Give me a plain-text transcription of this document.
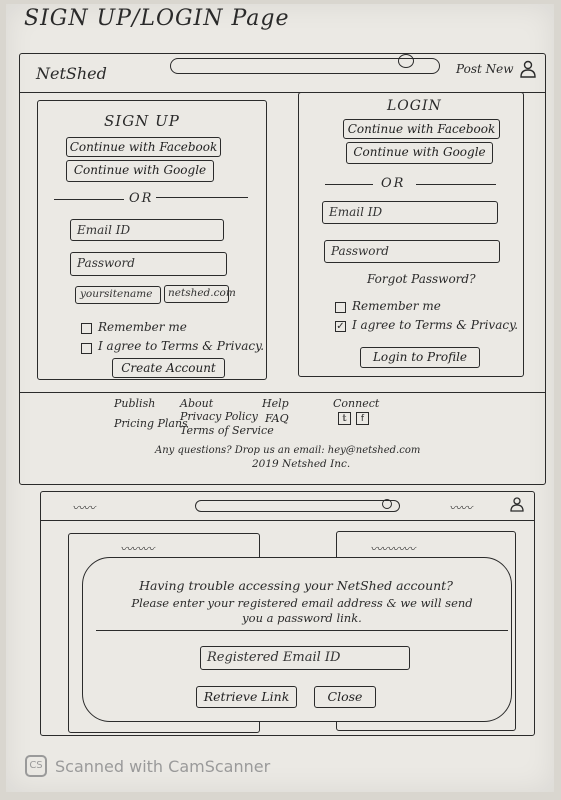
SIGN UP/LOGIN Page
NetShed	Post New
SIGN UP
Continue with Facebook
Continue with Google
OR
Email ID
Password
yoursitename	netshed.com
Remember me
I agree to Terms & Privacy.
Create Account
LOGIN
Continue with Facebook
Continue with Google
OR
Email ID
Password
Forgot Password?
Remember me
✓ I agree to Terms & Privacy.
Login to Profile
Publish
Pricing Plans
About
Privacy Policy
Terms of Service
Help
FAQ
Connect
𝕥	f
Any questions? Drop us an email: hey@netshed.com
2019 Netshed Inc.
〰〰	〰〰
〰〰〰	〰〰〰〰
Having trouble accessing your NetShed account?
Please enter your registered email address & we will send
you a password link.
Registered Email ID
Retrieve Link	Close
CS Scanned with CamScanner
